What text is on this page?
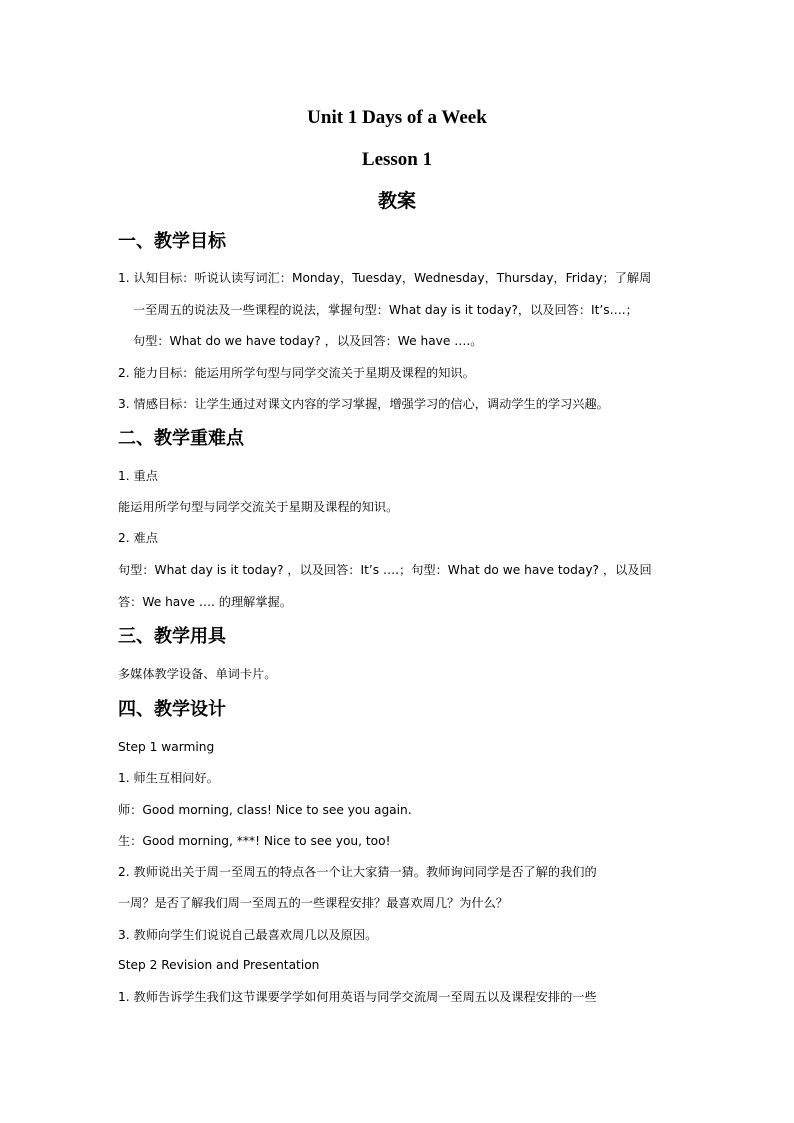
Unit 1 Days of a Week
Lesson 1
教案
一、教学目标
1. 认知目标：听说认读写词汇：Monday，Tuesday，Wednesday，Thursday，Friday；了解周
一至周五的说法及一些课程的说法，掌握句型：What day is it today?，以及回答：It’s….；
句型：What do we have today? ，以及回答：We have ….。
2. 能力目标：能运用所学句型与同学交流关于星期及课程的知识。
3. 情感目标：让学生通过对课文内容的学习掌握，增强学习的信心，调动学生的学习兴趣。
二、教学重难点
1. 重点
能运用所学句型与同学交流关于星期及课程的知识。
2. 难点
句型：What day is it today? ，以及回答：It’s ….；句型：What do we have today? ，以及回
答：We have …. 的理解掌握。
三、教学用具
多媒体教学设备、单词卡片。
四、教学设计
Step 1 warming
1. 师生互相问好。
师：Good morning, class! Nice to see you again.
生：Good morning, ***! Nice to see you, too!
2. 教师说出关于周一至周五的特点各一个让大家猜一猜。教师询问同学是否了解的我们的
一周？是否了解我们周一至周五的一些课程安排？最喜欢周几？为什么？
3. 教师向学生们说说自己最喜欢周几以及原因。
Step 2 Revision and Presentation
1. 教师告诉学生我们这节课要学学如何用英语与同学交流周一至周五以及课程安排的一些
